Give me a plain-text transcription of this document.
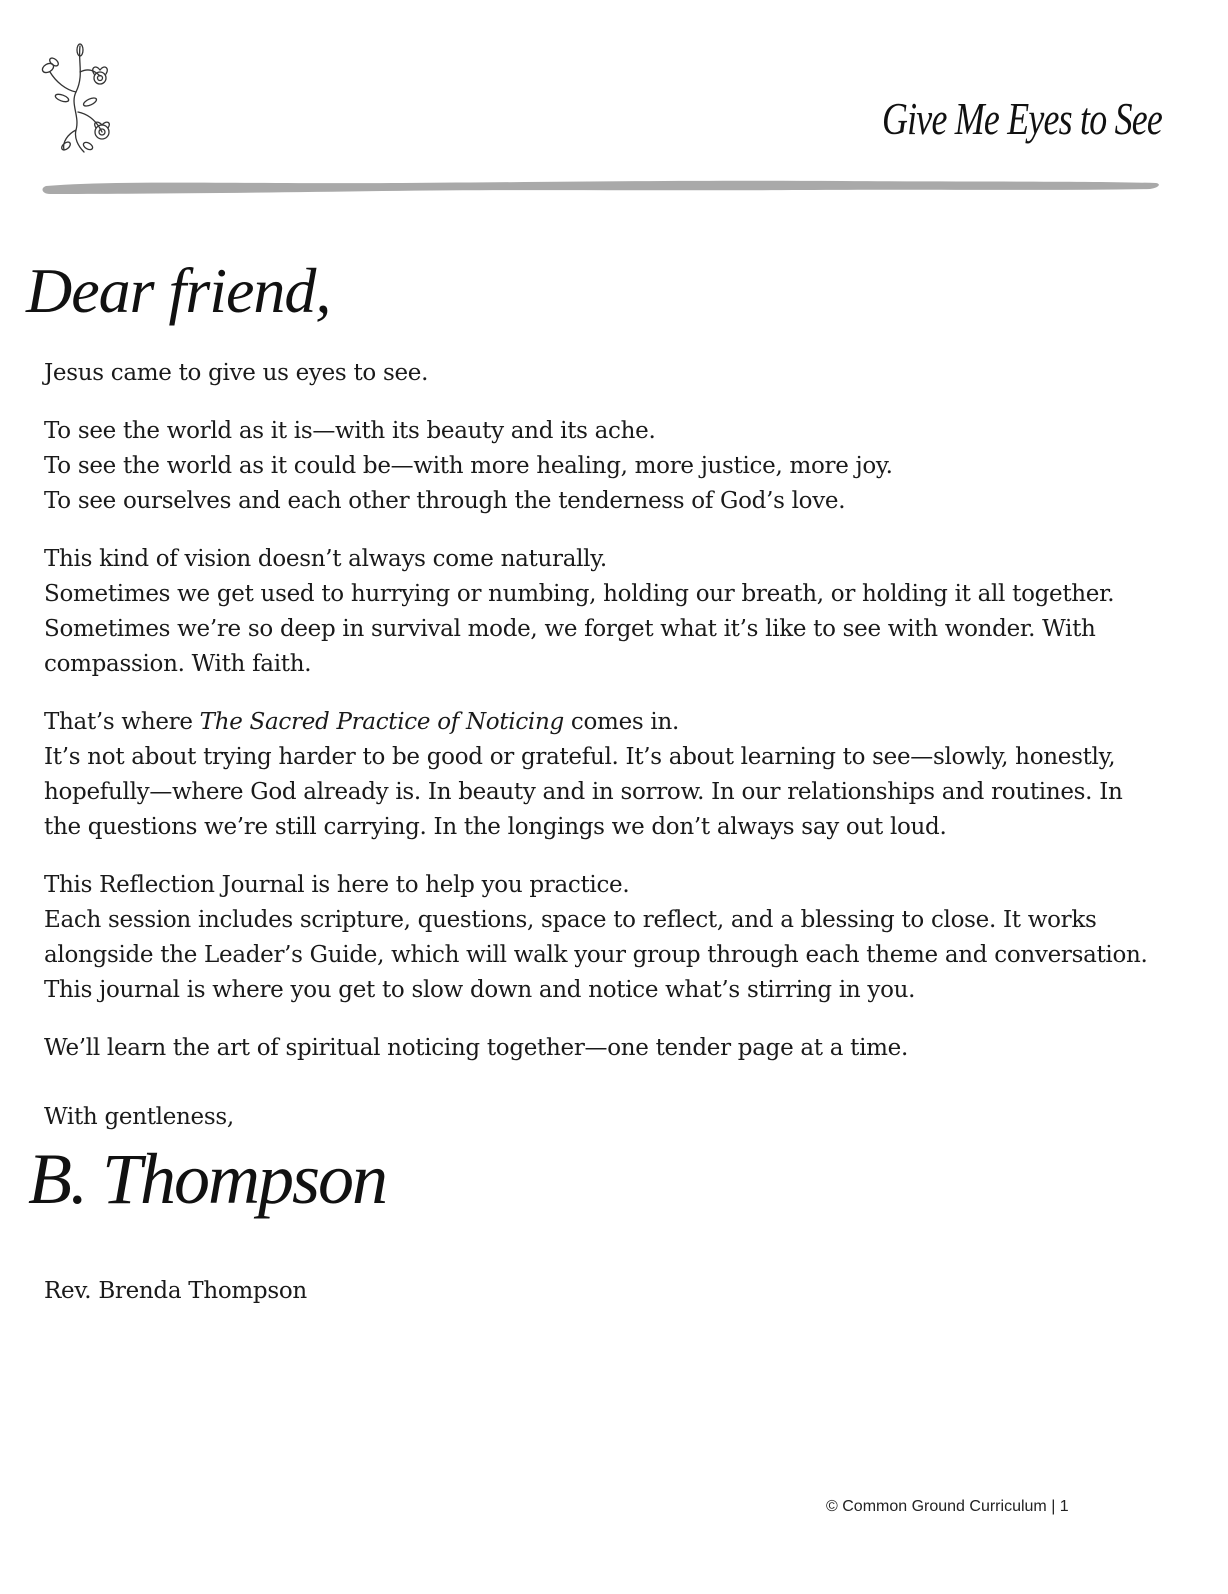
Give Me Eyes to See
Dear friend,

Jesus came to give us eyes to see.

To see the world as it is—with its beauty and its ache.
To see the world as it could be—with more healing, more justice, more joy.
To see ourselves and each other through the tenderness of God’s love.

This kind of vision doesn’t always come naturally.
Sometimes we get used to hurrying or numbing, holding our breath, or holding it all together.
Sometimes we’re so deep in survival mode, we forget what it’s like to see with wonder. With compassion. With faith.

That’s where The Sacred Practice of Noticing comes in.
It’s not about trying harder to be good or grateful. It’s about learning to see—slowly, honestly, hopefully—where God already is. In beauty and in sorrow. In our relationships and routines. In the questions we’re still carrying. In the longings we don’t always say out loud.

This Reflection Journal is here to help you practice.
Each session includes scripture, questions, space to reflect, and a blessing to close. It works alongside the Leader’s Guide, which will walk your group through each theme and conversation.
This journal is where you get to slow down and notice what’s stirring in you.

We’ll learn the art of spiritual noticing together—one tender page at a time.

With gentleness,
B. Thompson
Rev. Brenda Thompson
© Common Ground Curriculum | 1
